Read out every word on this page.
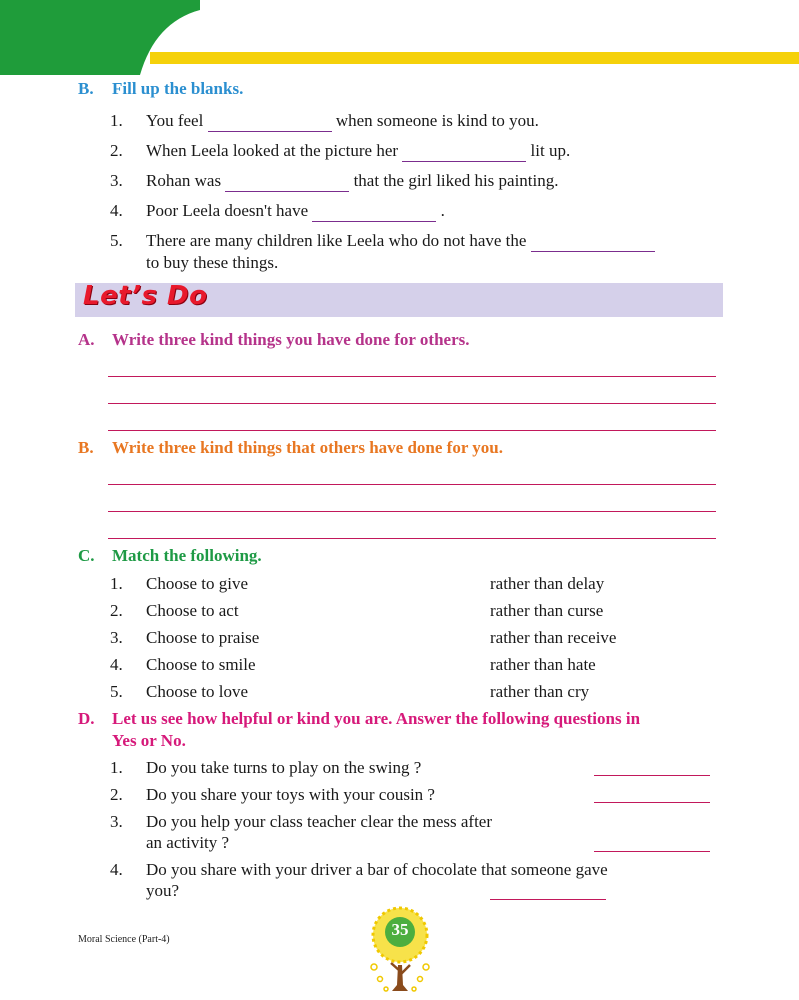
B. Fill up the blanks.
1. You feel	when someone is kind to you.
2. When Leela looked at the picture her	lit up.
3. Rohan was	that the girl liked his painting.
4. Poor Leela doesn't have	.
5. There are many children like Leela who do not have the
to buy these things.
Let’s Do
A. Write three kind things you have done for others.
B. Write three kind things that others have done for you.
C. Match the following.
1. Choose to give	rather than delay
2. Choose to act	rather than curse
3. Choose to praise	rather than receive
4. Choose to smile	rather than hate
5. Choose to love	rather than cry
D. Let us see how helpful or kind you are. Answer the following questions in
Yes or No.
1. Do you take turns to play on the swing ?
2. Do you share your toys with your cousin ?
3. Do you help your class teacher clear the mess after
an activity ?
4. Do you share with your driver a bar of chocolate that someone gave
you?
Moral Science (Part-4)
35
